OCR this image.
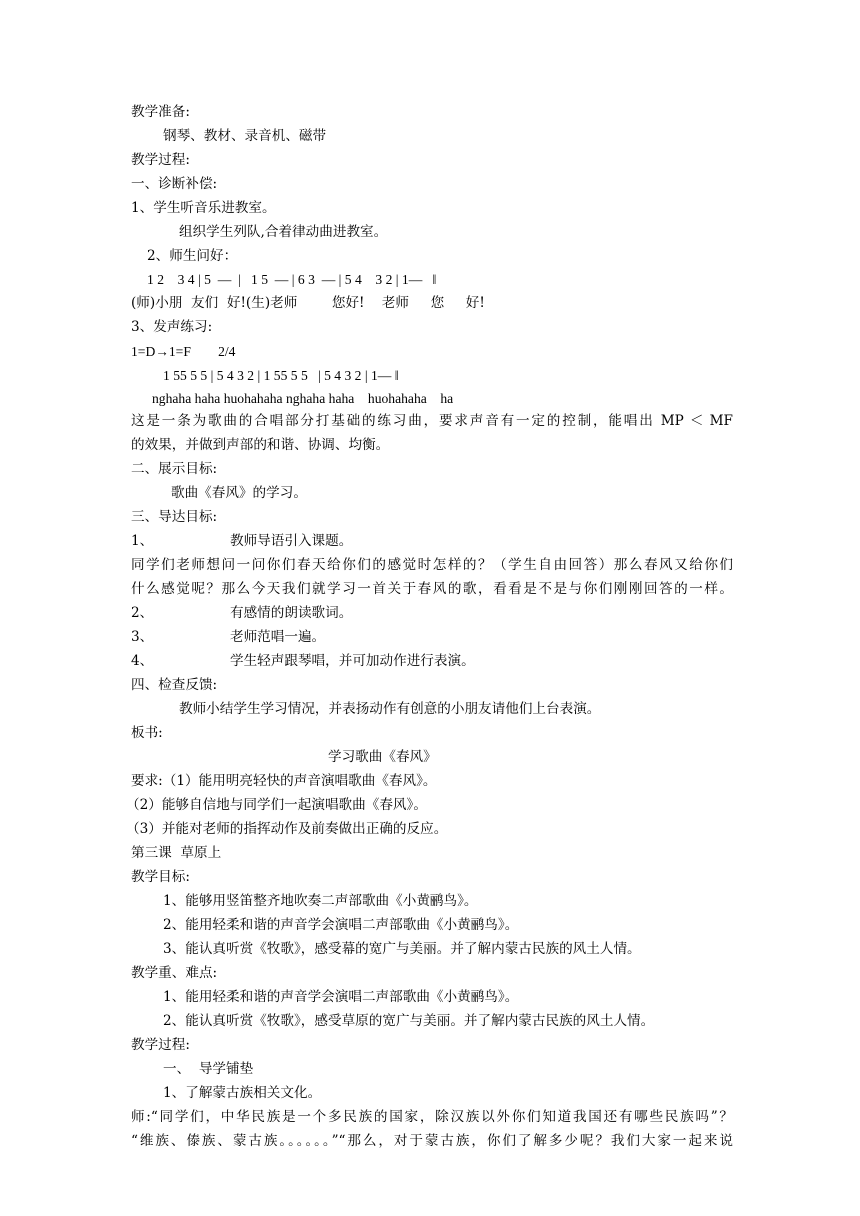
教学准备:
钢琴、教材、录音机、磁带
教学过程:
一、诊断补偿:
1、学生听音乐进教室。
组织学生列队,合着律动曲进教室。
2、师生问好：
1 2    3 4 | 5  —  |   1 5  — | 6 3  — | 5 4    3 2 | 1—   ‖
(师)小朋  友们  好!(生)老师        您好!    老师     您     好!
3、发声练习:
1=D→1=F        2/4
1 55 5 5 | 5 4 3 2 | 1 55 5 5   | 5 4 3 2 | 1— ‖
nghaha haha huohahaha nghaha haha    huohahaha    ha
这是一条为歌曲的合唱部分打基础的练习曲，要求声音有一定的控制，能唱出 MP ＜ MF
的效果，并做到声部的和谐、协调、均衡。
二、展示目标:
歌曲《春风》的学习。
三、导达目标:
1、	教师导语引入课题。
同学们老师想问一问你们春天给你们的感觉时怎样的？（学生自由回答）那么春风又给你们
什么感觉呢？那么今天我们就学习一首关于春风的歌，看看是不是与你们刚刚回答的一样。
2、	有感情的朗读歌词。
3、	老师范唱一遍。
4、	学生轻声跟琴唱，并可加动作进行表演。
四、检查反馈:
教师小结学生学习情况，并表扬动作有创意的小朋友请他们上台表演。
板书:
学习歌曲《春风》
要求:（1）能用明亮轻快的声音演唱歌曲《春风》。
（2）能够自信地与同学们一起演唱歌曲《春风》。
（3）并能对老师的指挥动作及前奏做出正确的反应。
第三课  草原上
教学目标:
1、能够用竖笛整齐地吹奏二声部歌曲《小黄鹂鸟》。
2、能用轻柔和谐的声音学会演唱二声部歌曲《小黄鹂鸟》。
3、能认真听赏《牧歌》，感受幕的宽广与美丽。并了解内蒙古民族的风土人情。
教学重、难点:
1、能用轻柔和谐的声音学会演唱二声部歌曲《小黄鹂鸟》。
2、能认真听赏《牧歌》，感受草原的宽广与美丽。并了解内蒙古民族的风土人情。
教学过程:
一、  导学铺垫
1、了解蒙古族相关文化。
师:“同学们，中华民族是一个多民族的国家，除汉族以外你们知道我国还有哪些民族吗”？
“维族、傣族、蒙古族。。。。。。”“那么，对于蒙古族，你们了解多少呢？我们大家一起来说
